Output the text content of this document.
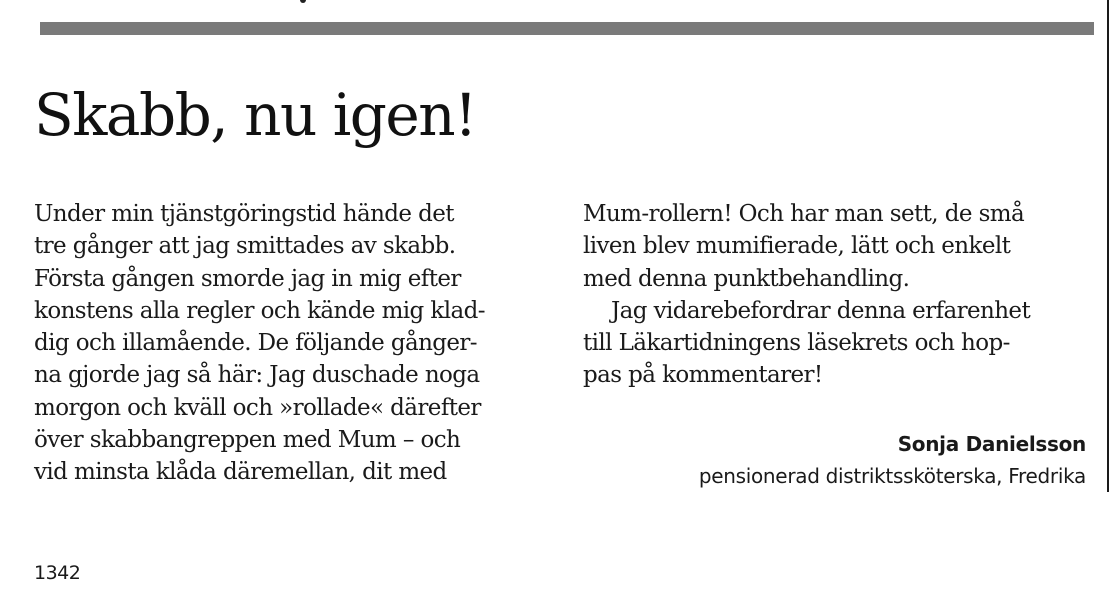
Skabb, nu igen!
Under min tjänstgöringstid hände det
tre gånger att jag smittades av skabb.
Första gången smorde jag in mig efter
konstens alla regler och kände mig klad-
dig och illamående. De följande gånger-
na gjorde jag så här: Jag duschade noga
morgon och kväll och »rollade« därefter
över skabbangreppen med Mum – och
vid minsta klåda däremellan, dit med
Mum-rollern! Och har man sett, de små
liven blev mumifierade, lätt och enkelt
med denna punktbehandling.
Jag vidarebefordrar denna erfarenhet
till Läkartidningens läsekrets och hop-
pas på kommentarer!
Sonja Danielsson
pensionerad distriktssköterska, Fredrika
1342
